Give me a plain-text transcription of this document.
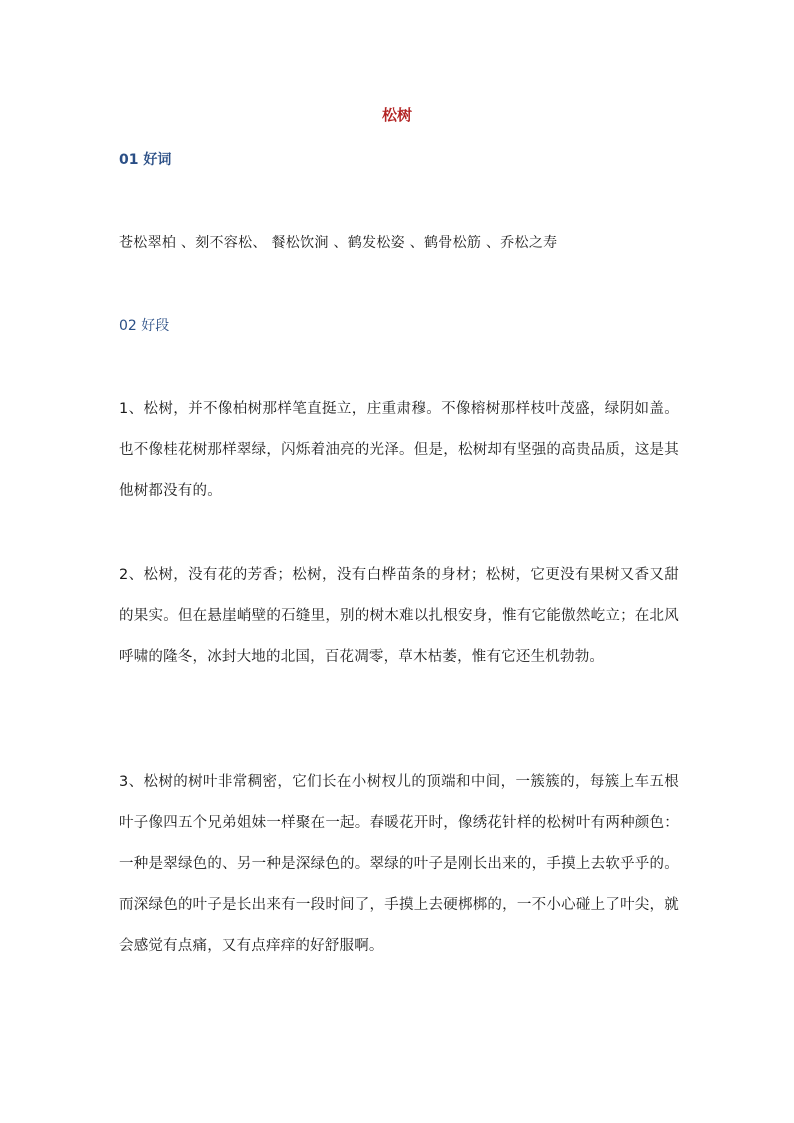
松树
01 好词
苍松翠柏 、刻不容松、 餐松饮涧 、鹤发松姿 、鹤骨松筋 、乔松之寿
02 好段
1、松树，并不像柏树那样笔直挺立，庄重肃穆。不像榕树那样枝叶茂盛，绿阴如盖。也不像桂花树那样翠绿，闪烁着油亮的光泽。但是，松树却有坚强的高贵品质，这是其他树都没有的。
2、松树，没有花的芳香；松树，没有白桦苗条的身材；松树，它更没有果树又香又甜的果实。但在悬崖峭壁的石缝里，别的树木难以扎根安身，惟有它能傲然屹立；在北风呼啸的隆冬，冰封大地的北国，百花凋零，草木枯萎，惟有它还生机勃勃。
3、松树的树叶非常稠密，它们长在小树杈儿的顶端和中间，一簇簇的，每簇上车五根叶子像四五个兄弟姐妹一样聚在一起。春暖花开时，像绣花针样的松树叶有两种颜色：一种是翠绿色的、另一种是深绿色的。翠绿的叶子是刚长出来的，手摸上去软乎乎的。而深绿色的叶子是长出来有一段时间了，手摸上去硬梆梆的，一不小心碰上了叶尖，就会感觉有点痛，又有点痒痒的好舒服啊。
